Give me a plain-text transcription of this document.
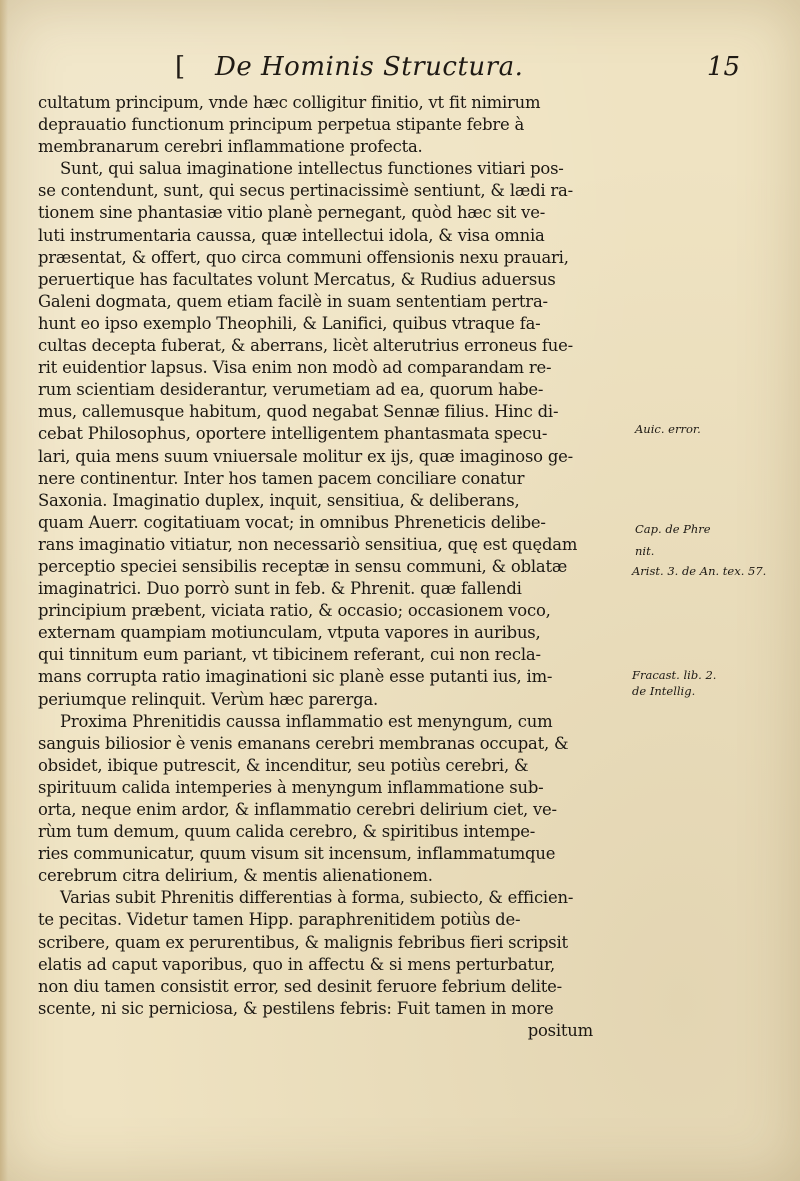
[ De Hominis Structura.	15
cultatum principum, vnde hæc colligitur finitio, vt fit nimirum
deprauatio functionum principum perpetua stipante febre à
membranarum cerebri inflammatione profecta.
Sunt, qui salua imaginatione intellectus functiones vitiari pos-
se contendunt, sunt, qui secus pertinacissimè sentiunt, & lædi ra-
tionem sine phantasiæ vitio planè pernegant, quòd hæc sit ve-
luti instrumentaria caussa, quæ intellectui idola, & visa omnia
præsentat, & offert, quo circa communi offensionis nexu prauari,
peruertique has facultates volunt Mercatus, & Rudius aduersus
Galeni dogmata, quem etiam facilè in suam sententiam pertra-
hunt eo ipso exemplo Theophili, & Lanifici, quibus vtraque fa-
cultas decepta fuberat, & aberrans, licèt alterutrius erroneus fue-
rit euidentior lapsus. Visa enim non modò ad comparandam re-
rum scientiam desiderantur, verumetiam ad ea, quorum habe-
mus, callemusque habitum, quod negabat Sennæ filius. Hinc di-
cebat Philosophus, oportere intelligentem phantasmata specu-
lari, quia mens suum vniuersale molitur ex ijs, quæ imaginoso ge-
nere continentur. Inter hos tamen pacem conciliare conatur
Saxonia. Imaginatio duplex, inquit, sensitiua, & deliberans,
quam Auerr. cogitatiuam vocat; in omnibus Phreneticis delibe-
rans imaginatio vitiatur, non necessariò sensitiua, quę est quędam
perceptio speciei sensibilis receptæ in sensu communi, & oblatæ
imaginatrici. Duo porrò sunt in feb. & Phrenit. quæ fallendi
principium præbent, viciata ratio, & occasio; occasionem voco,
externam quampiam motiunculam, vtputa vapores in auribus,
qui tinnitum eum pariant, vt tibicinem referant, cui non recla-
mans corrupta ratio imaginationi sic planè esse putanti ius, im-
periumque relinquit. Verùm hæc parerga.
Proxima Phrenitidis caussa inflammatio est menyngum, cum
sanguis biliosior è venis emanans cerebri membranas occupat, &
obsidet, ibique putrescit, & incenditur, seu potiùs cerebri, &
spirituum calida intemperies à menyngum inflammatione sub-
orta, neque enim ardor, & inflammatio cerebri delirium ciet, ve-
rùm tum demum, quum calida cerebro, & spiritibus intempe-
ries communicatur, quum visum sit incensum, inflammatumque
cerebrum citra delirium, & mentis alienationem.
Varias subit Phrenitis differentias à forma, subiecto, & efficien-
te pecitas. Videtur tamen Hipp. paraphrenitidem potiùs de-
scribere, quam ex perurentibus, & malignis febribus fieri scripsit
elatis ad caput vaporibus, quo in affectu & si mens perturbatur,
non diu tamen consistit error, sed desinit feruore febrium delite-
scente, ni sic perniciosa, & pestilens febris: Fuit tamen in more
positum
Auic. error.
Cap. de Phre
nit.
Arist. 3. de An. tex. 57.
Fracast. lib. 2.
de Intellig.
